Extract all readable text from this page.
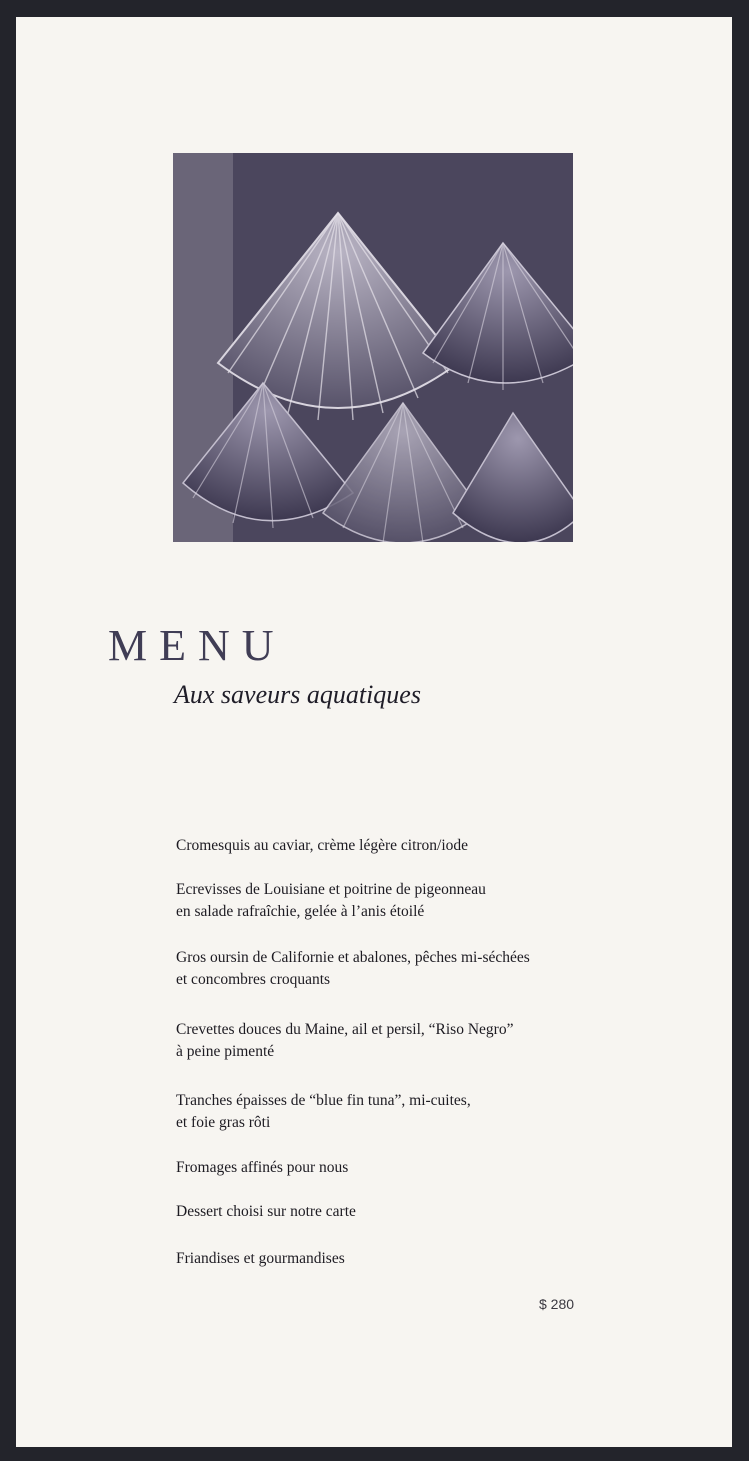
MENU
Aux saveurs aquatiques
Cromesquis au caviar, crème légère citron/iode
Ecrevisses de Louisiane et poitrine de pigeonneau
en salade rafraîchie, gelée à l’anis étoilé
Gros oursin de Californie et abalones, pêches mi-séchées
et concombres croquants
Crevettes douces du Maine, ail et persil, “Riso Negro”
à peine pimenté
Tranches épaisses de “blue fin tuna”, mi-cuites,
et foie gras rôti
Fromages affinés pour nous
Dessert choisi sur notre carte
Friandises et gourmandises
$ 280
